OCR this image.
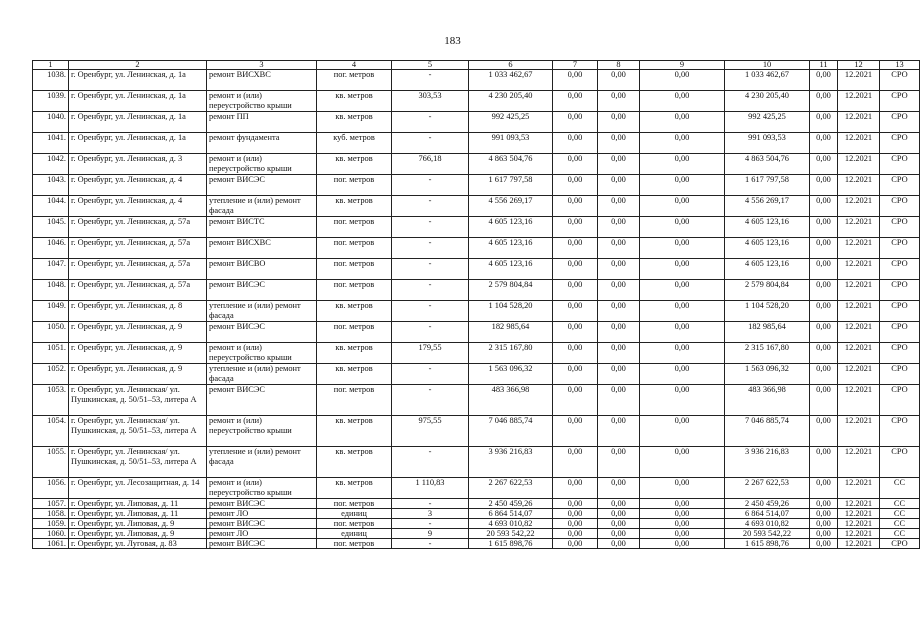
183
1	2	3	4	5	6	7	8	9	10	11	12	13
1038.	г. Оренбург, ул. Ленинская, д. 1а	ремонт ВИСХВС	пог. метров	-	1 033 462,67	0,00	0,00	0,00	1 033 462,67	0,00	12.2021	СРО
1039.	г. Оренбург, ул. Ленинская, д. 1а	ремонт и (или) переустройство крыши	кв. метров	303,53	4 230 205,40	0,00	0,00	0,00	4 230 205,40	0,00	12.2021	СРО
1040.	г. Оренбург, ул. Ленинская, д. 1а	ремонт ПП	кв. метров	-	992 425,25	0,00	0,00	0,00	992 425,25	0,00	12.2021	СРО
1041.	г. Оренбург, ул. Ленинская, д. 1а	ремонт фундамента	куб. метров	-	991 093,53	0,00	0,00	0,00	991 093,53	0,00	12.2021	СРО
1042.	г. Оренбург, ул. Ленинская, д. 3	ремонт и (или) переустройство крыши	кв. метров	766,18	4 863 504,76	0,00	0,00	0,00	4 863 504,76	0,00	12.2021	СРО
1043.	г. Оренбург, ул. Ленинская, д. 4	ремонт ВИСЭС	пог. метров	-	1 617 797,58	0,00	0,00	0,00	1 617 797,58	0,00	12.2021	СРО
1044.	г. Оренбург, ул. Ленинская, д. 4	утепление и (или) ремонт фасада	кв. метров	-	4 556 269,17	0,00	0,00	0,00	4 556 269,17	0,00	12.2021	СРО
1045.	г. Оренбург, ул. Ленинская, д. 57а	ремонт ВИСТС	пог. метров	-	4 605 123,16	0,00	0,00	0,00	4 605 123,16	0,00	12.2021	СРО
1046.	г. Оренбург, ул. Ленинская, д. 57а	ремонт ВИСХВС	пог. метров	-	4 605 123,16	0,00	0,00	0,00	4 605 123,16	0,00	12.2021	СРО
1047.	г. Оренбург, ул. Ленинская, д. 57а	ремонт ВИСВО	пог. метров	-	4 605 123,16	0,00	0,00	0,00	4 605 123,16	0,00	12.2021	СРО
1048.	г. Оренбург, ул. Ленинская, д. 57а	ремонт ВИСЭС	пог. метров	-	2 579 804,84	0,00	0,00	0,00	2 579 804,84	0,00	12.2021	СРО
1049.	г. Оренбург, ул. Ленинская, д. 8	утепление и (или) ремонт фасада	кв. метров	-	1 104 528,20	0,00	0,00	0,00	1 104 528,20	0,00	12.2021	СРО
1050.	г. Оренбург, ул. Ленинская, д. 9	ремонт ВИСЭС	пог. метров	-	182 985,64	0,00	0,00	0,00	182 985,64	0,00	12.2021	СРО
1051.	г. Оренбург, ул. Ленинская, д. 9	ремонт и (или) переустройство крыши	кв. метров	179,55	2 315 167,80	0,00	0,00	0,00	2 315 167,80	0,00	12.2021	СРО
1052.	г. Оренбург, ул. Ленинская, д. 9	утепление и (или) ремонт фасада	кв. метров	-	1 563 096,32	0,00	0,00	0,00	1 563 096,32	0,00	12.2021	СРО
1053.	г. Оренбург, ул. Ленинская/ ул. Пушкинская, д. 50/51–53, литера А	ремонт ВИСЭС	пог. метров	-	483 366,98	0,00	0,00	0,00	483 366,98	0,00	12.2021	СРО
1054.	г. Оренбург, ул. Ленинская/ ул. Пушкинская, д. 50/51–53, литера А	ремонт и (или) переустройство крыши	кв. метров	975,55	7 046 885,74	0,00	0,00	0,00	7 046 885,74	0,00	12.2021	СРО
1055.	г. Оренбург, ул. Ленинская/ ул. Пушкинская, д. 50/51–53, литера А	утепление и (или) ремонт фасада	кв. метров	-	3 936 216,83	0,00	0,00	0,00	3 936 216,83	0,00	12.2021	СРО
1056.	г. Оренбург, ул. Лесозащитная, д. 14	ремонт и (или) переустройство крыши	кв. метров	1 110,83	2 267 622,53	0,00	0,00	0,00	2 267 622,53	0,00	12.2021	СС
1057.	г. Оренбург, ул. Липовая, д. 11	ремонт ВИСЭС	пог. метров	-	2 450 459,26	0,00	0,00	0,00	2 450 459,26	0,00	12.2021	СС
1058.	г. Оренбург, ул. Липовая, д. 11	ремонт ЛО	единиц	3	6 864 514,07	0,00	0,00	0,00	6 864 514,07	0,00	12.2021	СС
1059.	г. Оренбург, ул. Липовая, д. 9	ремонт ВИСЭС	пог. метров	-	4 693 010,82	0,00	0,00	0,00	4 693 010,82	0,00	12.2021	СС
1060.	г. Оренбург, ул. Липовая, д. 9	ремонт ЛО	единиц	9	20 593 542,22	0,00	0,00	0,00	20 593 542,22	0,00	12.2021	СС
1061.	г. Оренбург, ул. Луговая, д. 83	ремонт ВИСЭС	пог. метров	-	1 615 898,76	0,00	0,00	0,00	1 615 898,76	0,00	12.2021	СРО
